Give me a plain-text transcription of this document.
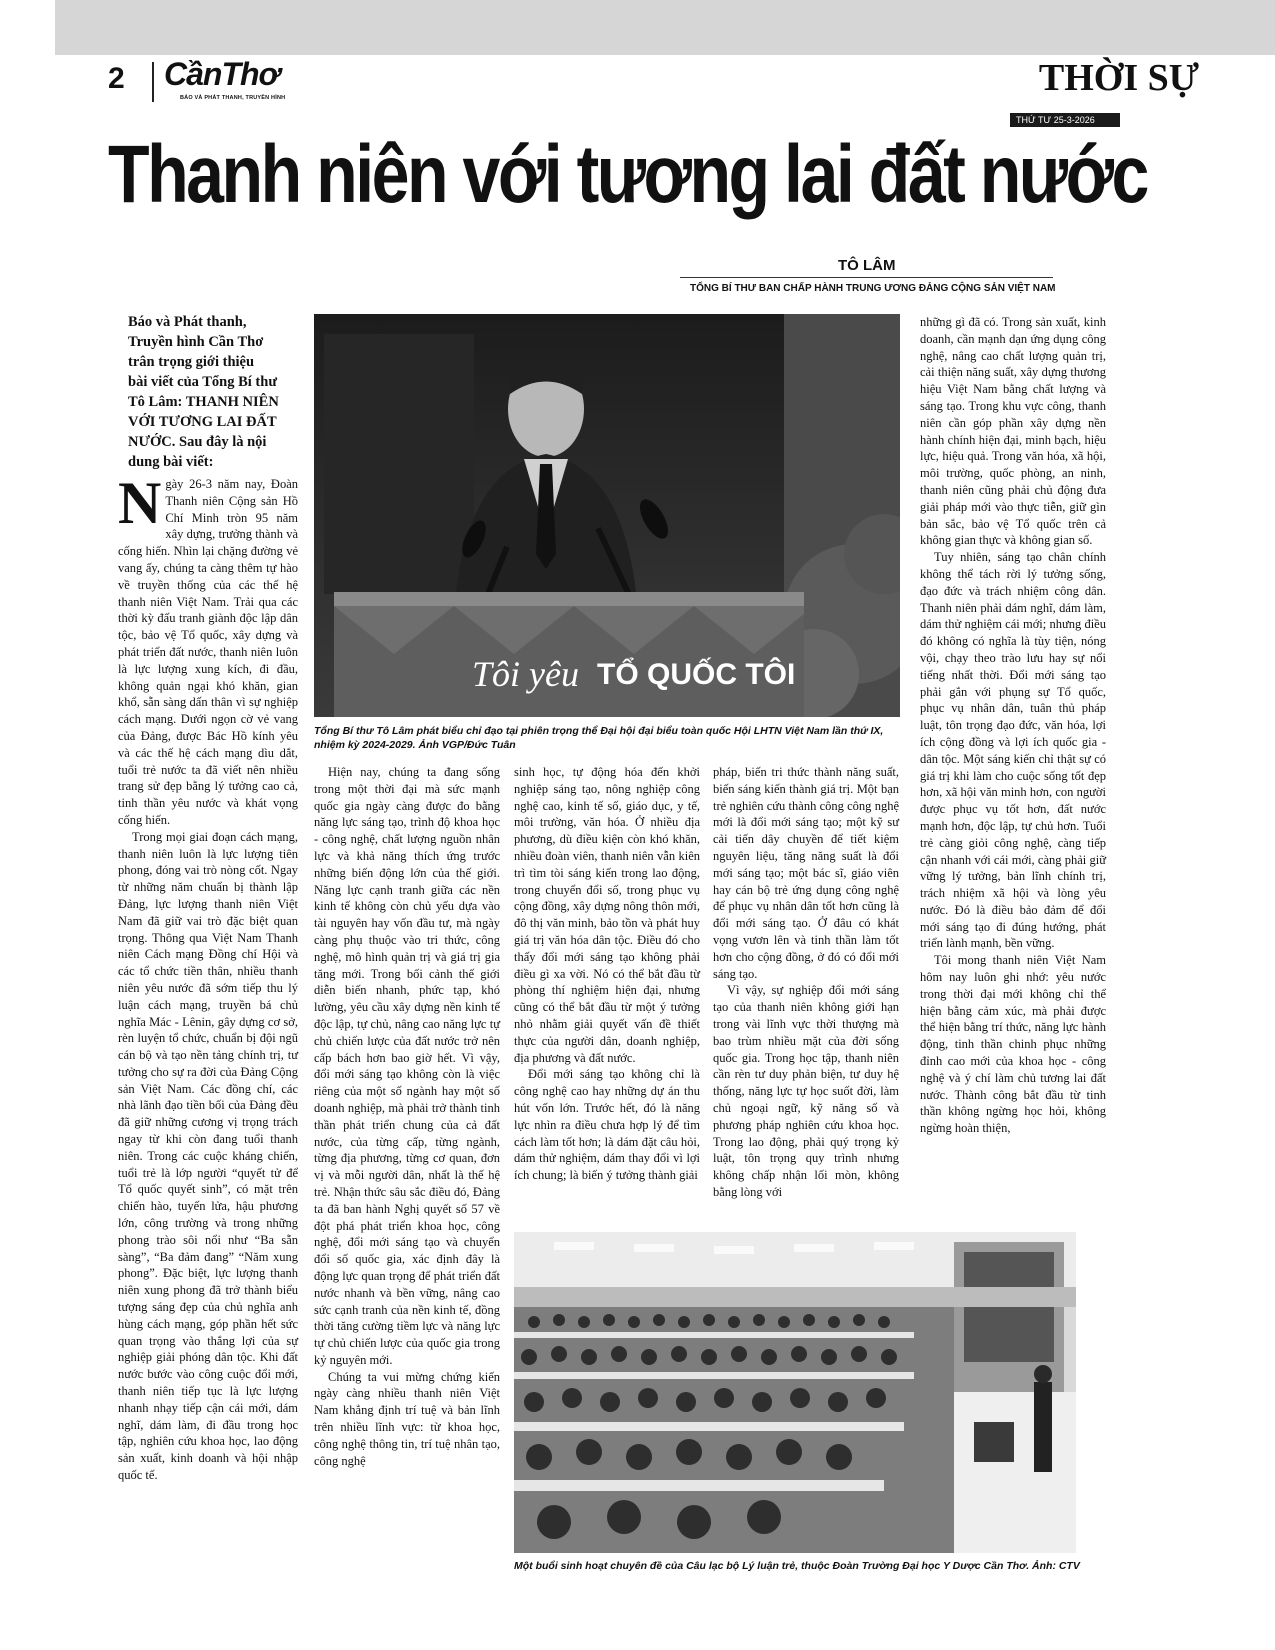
2 CầnThơ
BÁO VÀ PHÁT THANH, TRUYỀN HÌNH	THỜI SỰ
THỨ TƯ 25-3-2026
Thanh niên với tương lai đất nước
TÔ LÂM
TỔNG BÍ THƯ BAN CHẤP HÀNH TRUNG ƯƠNG ĐẢNG CỘNG SẢN VIỆT NAM
Báo và Phát thanh,
Truyền hình Cần Thơ
trân trọng giới thiệu
bài viết của Tổng Bí thư
Tô Lâm: THANH NIÊN
VỚI TƯƠNG LAI ĐẤT
NƯỚC. Sau đây là nội
dung bài viết:
Tôi yêu TỔ QUỐC TÔI
Tổng Bí thư Tô Lâm phát biểu chỉ đạo tại phiên trọng thể Đại hội đại biểu toàn quốc Hội LHTN Việt Nam lần thứ IX, nhiệm kỳ 2024-2029. Ảnh VGP/Đức Tuân
Một buổi sinh hoạt chuyên đề của Câu lạc bộ Lý luận trẻ, thuộc Đoàn Trường Đại học Y Dược Cần Thơ. Ảnh: CTV

Ngày 26-3 năm nay, Đoàn Thanh niên Cộng sản Hồ Chí Minh tròn 95 năm xây dựng, trưởng thành và cống hiến. Nhìn lại chặng đường vẻ vang ấy, chúng ta càng thêm tự hào về truyền thống của các thế hệ thanh niên Việt Nam. Trải qua các thời kỳ đấu tranh giành độc lập dân tộc, bảo vệ Tổ quốc, xây dựng và phát triển đất nước, thanh niên luôn là lực lượng xung kích, đi đầu, không quản ngại khó khăn, gian khổ, sẵn sàng dấn thân vì sự nghiệp cách mạng. Dưới ngọn cờ vẻ vang của Đảng, được Bác Hồ kính yêu và các thế hệ cách mạng dìu dắt, tuổi trẻ nước ta đã viết nên nhiều trang sử đẹp bằng lý tưởng cao cả, tinh thần yêu nước và khát vọng cống hiến.

Trong mọi giai đoạn cách mạng, thanh niên luôn là lực lượng tiên phong, đóng vai trò nòng cốt. Ngay từ những năm chuẩn bị thành lập Đảng, lực lượng thanh niên Việt Nam đã giữ vai trò đặc biệt quan trọng. Thông qua Việt Nam Thanh niên Cách mạng Đồng chí Hội và các tổ chức tiền thân, nhiều thanh niên yêu nước đã sớm tiếp thu lý luận cách mạng, truyền bá chủ nghĩa Mác - Lênin, gây dựng cơ sở, rèn luyện tổ chức, chuẩn bị đội ngũ cán bộ và tạo nền tảng chính trị, tư tưởng cho sự ra đời của Đảng Cộng sản Việt Nam. Các đồng chí, các nhà lãnh đạo tiền bối của Đảng đều đã giữ những cương vị trọng trách ngay từ khi còn đang tuổi thanh niên. Trong các cuộc kháng chiến, tuổi trẻ là lớp người “quyết tử để Tổ quốc quyết sinh”, có mặt trên chiến hào, tuyến lửa, hậu phương lớn, công trường và trong những phong trào sôi nổi như “Ba sẵn sàng”, “Ba đảm đang” “Năm xung phong”. Đặc biệt, lực lượng thanh niên xung phong đã trở thành biểu tượng sáng đẹp của chủ nghĩa anh hùng cách mạng, góp phần hết sức quan trọng vào thắng lợi của sự nghiệp giải phóng dân tộc. Khi đất nước bước vào công cuộc đổi mới, thanh niên tiếp tục là lực lượng nhanh nhạy tiếp cận cái mới, dám nghĩ, dám làm, đi đầu trong học tập, nghiên cứu khoa học, lao động sản xuất, kinh doanh và hội nhập quốc tế.

Hiện nay, chúng ta đang sống trong một thời đại mà sức mạnh quốc gia ngày càng được đo bằng năng lực sáng tạo, trình độ khoa học - công nghệ, chất lượng nguồn nhân lực và khả năng thích ứng trước những biến động lớn của thế giới. Năng lực cạnh tranh giữa các nền kinh tế không còn chủ yếu dựa vào tài nguyên hay vốn đầu tư, mà ngày càng phụ thuộc vào tri thức, công nghệ, mô hình quản trị và giá trị gia tăng mới. Trong bối cảnh thế giới diễn biến nhanh, phức tạp, khó lường, yêu cầu xây dựng nền kinh tế độc lập, tự chủ, nâng cao năng lực tự chủ chiến lược của đất nước trở nên cấp bách hơn bao giờ hết. Vì vậy, đổi mới sáng tạo không còn là việc riêng của một số ngành hay một số doanh nghiệp, mà phải trở thành tinh thần phát triển chung của cả đất nước, của từng cấp, từng ngành, từng địa phương, từng cơ quan, đơn vị và mỗi người dân, nhất là thế hệ trẻ. Nhận thức sâu sắc điều đó, Đảng ta đã ban hành Nghị quyết số 57 về đột phá phát triển khoa học, công nghệ, đổi mới sáng tạo và chuyển đổi số quốc gia, xác định đây là động lực quan trọng để phát triển đất nước nhanh và bền vững, nâng cao sức cạnh tranh của nền kinh tế, đồng thời tăng cường tiềm lực và năng lực tự chủ chiến lược của quốc gia trong kỷ nguyên mới.

Chúng ta vui mừng chứng kiến ngày càng nhiều thanh niên Việt Nam khẳng định trí tuệ và bản lĩnh trên nhiều lĩnh vực: từ khoa học, công nghệ thông tin, trí tuệ nhân tạo, công nghệ

sinh học, tự động hóa đến khởi nghiệp sáng tạo, nông nghiệp công nghệ cao, kinh tế số, giáo dục, y tế, môi trường, văn hóa. Ở nhiều địa phương, dù điều kiện còn khó khăn, nhiều đoàn viên, thanh niên vẫn kiên trì tìm tòi sáng kiến trong lao động, trong chuyển đổi số, trong phục vụ cộng đồng, xây dựng nông thôn mới, đô thị văn minh, bảo tồn và phát huy giá trị văn hóa dân tộc. Điều đó cho thấy đổi mới sáng tạo không phải điều gì xa vời. Nó có thể bắt đầu từ phòng thí nghiệm hiện đại, nhưng cũng có thể bắt đầu từ một ý tưởng nhỏ nhằm giải quyết vấn đề thiết thực của người dân, doanh nghiệp, địa phương và đất nước.

Đổi mới sáng tạo không chỉ là công nghệ cao hay những dự án thu hút vốn lớn. Trước hết, đó là năng lực nhìn ra điều chưa hợp lý để tìm cách làm tốt hơn; là dám đặt câu hỏi, dám thử nghiệm, dám thay đổi vì lợi ích chung; là biến ý tưởng thành giải

pháp, biến tri thức thành năng suất, biến sáng kiến thành giá trị. Một bạn trẻ nghiên cứu thành công công nghệ mới là đổi mới sáng tạo; một kỹ sư cải tiến dây chuyền để tiết kiệm nguyên liệu, tăng năng suất là đổi mới sáng tạo; một bác sĩ, giáo viên hay cán bộ trẻ ứng dụng công nghệ để phục vụ nhân dân tốt hơn cũng là đổi mới sáng tạo. Ở đâu có khát vọng vươn lên và tinh thần làm tốt hơn cho cộng đồng, ở đó có đổi mới sáng tạo.

Vì vậy, sự nghiệp đổi mới sáng tạo của thanh niên không giới hạn trong vài lĩnh vực thời thượng mà bao trùm nhiều mặt của đời sống quốc gia. Trong học tập, thanh niên cần rèn tư duy phản biện, tư duy hệ thống, năng lực tự học suốt đời, làm chủ ngoại ngữ, kỹ năng số và phương pháp nghiên cứu khoa học. Trong lao động, phải quý trọng kỷ luật, tôn trọng quy trình nhưng không chấp nhận lối mòn, không bằng lòng với

những gì đã có. Trong sản xuất, kinh doanh, cần mạnh dạn ứng dụng công nghệ, nâng cao chất lượng quản trị, cải thiện năng suất, xây dựng thương hiệu Việt Nam bằng chất lượng và sáng tạo. Trong khu vực công, thanh niên cần góp phần xây dựng nền hành chính hiện đại, minh bạch, hiệu lực, hiệu quả. Trong văn hóa, xã hội, môi trường, quốc phòng, an ninh, thanh niên cũng phải chủ động đưa giải pháp mới vào thực tiễn, giữ gìn bản sắc, bảo vệ Tổ quốc trên cả không gian thực và không gian số.

Tuy nhiên, sáng tạo chân chính không thể tách rời lý tưởng sống, đạo đức và trách nhiệm công dân. Thanh niên phải dám nghĩ, dám làm, dám thử nghiệm cái mới; nhưng điều đó không có nghĩa là tùy tiện, nóng vội, chạy theo trào lưu hay sự nổi tiếng nhất thời. Đổi mới sáng tạo phải gắn với phụng sự Tổ quốc, phục vụ nhân dân, tuân thủ pháp luật, tôn trọng đạo đức, văn hóa, lợi ích cộng đồng và lợi ích quốc gia - dân tộc. Một sáng kiến chỉ thật sự có giá trị khi làm cho cuộc sống tốt đẹp hơn, xã hội văn minh hơn, con người được phục vụ tốt hơn, đất nước mạnh hơn, độc lập, tự chủ hơn. Tuổi trẻ càng giỏi công nghệ, càng tiếp cận nhanh với cái mới, càng phải giữ vững lý tưởng, bản lĩnh chính trị, trách nhiệm xã hội và lòng yêu nước. Đó là điều bảo đảm để đổi mới sáng tạo đi đúng hướng, phát triển lành mạnh, bền vững.

Tôi mong thanh niên Việt Nam hôm nay luôn ghi nhớ: yêu nước trong thời đại mới không chỉ thể hiện bằng cảm xúc, mà phải được thể hiện bằng trí thức, năng lực hành động, tinh thần chinh phục những đỉnh cao mới của khoa học - công nghệ và ý chí làm chủ tương lai đất nước. Thành công bắt đầu từ tinh thần không ngừng học hỏi, không ngừng hoàn thiện,
